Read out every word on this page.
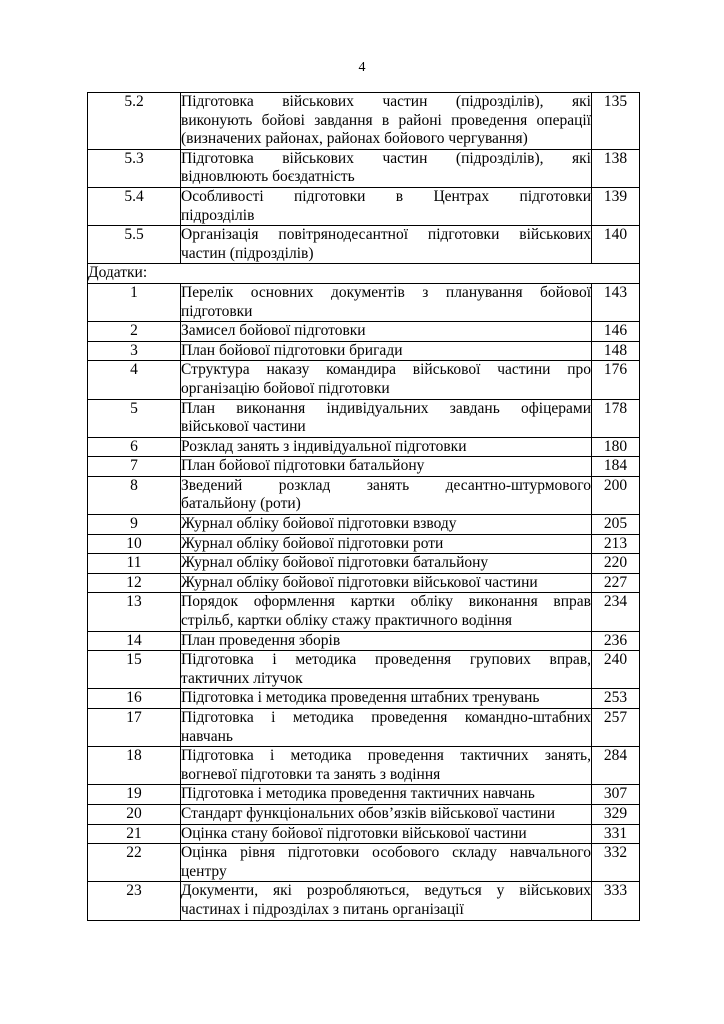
4
5.2	Підготовка військових частин (підрозділів), які
виконують бойові завдання в районі проведення операції
(визначених районах, районах бойового чергування)	135
5.3	Підготовка військових частин (підрозділів), які
відновлюють боєздатність	138
5.4	Особливості підготовки в Центрах підготовки
підрозділів	139
5.5	Організація повітрянодесантної підготовки військових
частин (підрозділів)	140
Додатки:		
1	Перелік основних документів з планування бойової
підготовки	143
2	Замисел бойової підготовки	146
3	План бойової підготовки бригади	148
4	Структура наказу командира військової частини про
організацію бойової підготовки	176
5	План виконання індивідуальних завдань офіцерами
військової частини	178
6	Розклад занять з індивідуальної підготовки	180
7	План бойової підготовки батальйону	184
8	Зведений розклад занять десантно-штурмового
батальйону (роти)	200
9	Журнал обліку бойової підготовки взводу	205
10	Журнал обліку бойової підготовки роти	213
11	Журнал обліку бойової підготовки батальйону	220
12	Журнал обліку бойової підготовки військової частини	227
13	Порядок оформлення картки обліку виконання вправ
стрільб, картки обліку стажу практичного водіння	234
14	План проведення зборів	236
15	Підготовка і методика проведення групових вправ,
тактичних літучок	240
16	Підготовка і методика проведення штабних тренувань	253
17	Підготовка і методика проведення командно-штабних
навчань	257
18	Підготовка і методика проведення тактичних занять,
вогневої підготовки та занять з водіння	284
19	Підготовка і методика проведення тактичних навчань	307
20	Стандарт функціональних обов’язків військової частини	329
21	Оцінка стану бойової підготовки військової частини	331
22	Оцінка рівня підготовки особового складу навчального
центру	332
23	Документи, які розробляються, ведуться у військових
частинах і підрозділах з питань організації	333
